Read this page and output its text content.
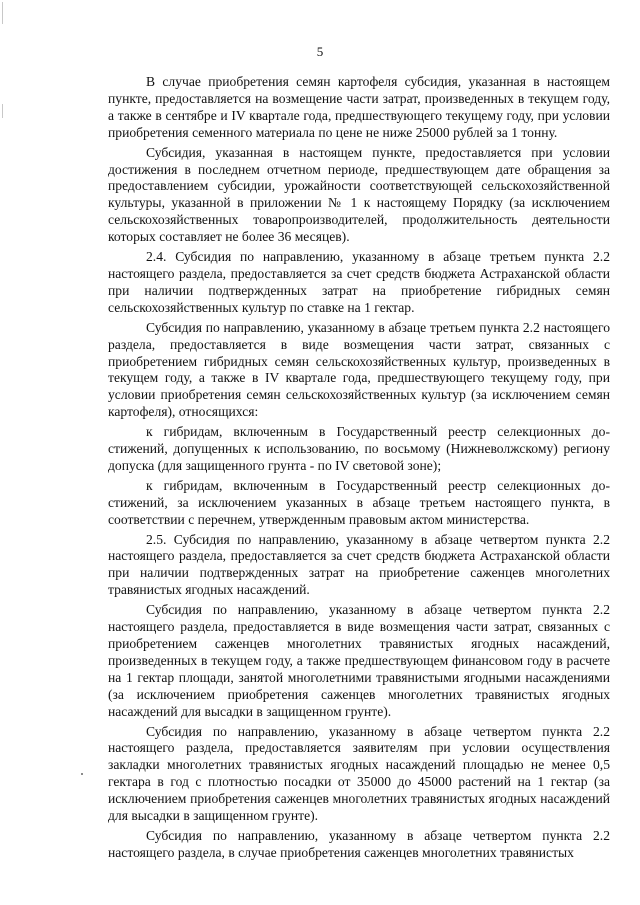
5

В случае приобретения семян картофеля субсидия, указанная в настоящем пункте, предоставляется на возмещение части затрат, произведенных в текущем году, а также в сентябре и IV квартале года, предшествующего текущему году, при условии приобретения семенного материала по цене не ниже 25000 рублей за 1 тонну.

Субсидия, указанная в настоящем пункте, предоставляется при условии достижения в последнем отчетном периоде, предшествующем дате обращения за предоставлением субсидии, урожайности соответствующей сельскохозяйственной культуры, указанной в приложении № 1 к настоящему Порядку (за исключением сельскохозяйственных товаропроизводителей, продолжительность деятельности которых составляет не более 36 месяцев).

2.4. Субсидия по направлению, указанному в абзаце третьем пункта 2.2 настоящего раздела, предоставляется за счет средств бюджета Астраханской области при наличии подтвержденных затрат на приобретение гибридных семян сельскохозяйственных культур по ставке на 1 гектар.

Субсидия по направлению, указанному в абзаце третьем пункта 2.2 настоящего раздела, предоставляется в виде возмещения части затрат, связанных с приобретением гибридных семян сельскохозяйственных культур, произведенных в текущем году, а также в IV квартале года, предшествующего текущему году, при условии приобретения семян сельскохозяйственных культур (за исключением семян картофеля), относящихся:

к гибридам, включенным в Государственный реестр селекционных достижений, допущенных к использованию, по восьмому (Нижневолжскому) региону допуска (для защищенного грунта - по IV световой зоне);

к гибридам, включенным в Государственный реестр селекционных достижений, за исключением указанных в абзаце третьем настоящего пункта, в соответствии с перечнем, утвержденным правовым актом министерства.

2.5. Субсидия по направлению, указанному в абзаце четвертом пункта 2.2 настоящего раздела, предоставляется за счет средств бюджета Астраханской области при наличии подтвержденных затрат на приобретение саженцев многолетних травянистых ягодных насаждений.

Субсидия по направлению, указанному в абзаце четвертом пункта 2.2 настоящего раздела, предоставляется в виде возмещения части затрат, связанных с приобретением саженцев многолетних травянистых ягодных насаждений, произведенных в текущем году, а также предшествующем финансовом году в расчете на 1 гектар площади, занятой многолетними травянистыми ягодными насаждениями (за исключением приобретения саженцев многолетних травянистых ягодных насаждений для высадки в защищенном грунте).

Субсидия по направлению, указанному в абзаце четвертом пункта 2.2 настоящего раздела, предоставляется заявителям при условии осуществления закладки многолетних травянистых ягодных насаждений площадью не менее 0,5 гектара в год с плотностью посадки от 35000 до 45000 растений на 1 гектар (за исключением приобретения саженцев многолетних травянистых ягодных насаждений для высадки в защищенном грунте).

Субсидия по направлению, указанному в абзаце четвертом пункта 2.2 настоящего раздела, в случае приобретения саженцев многолетних травянистых
